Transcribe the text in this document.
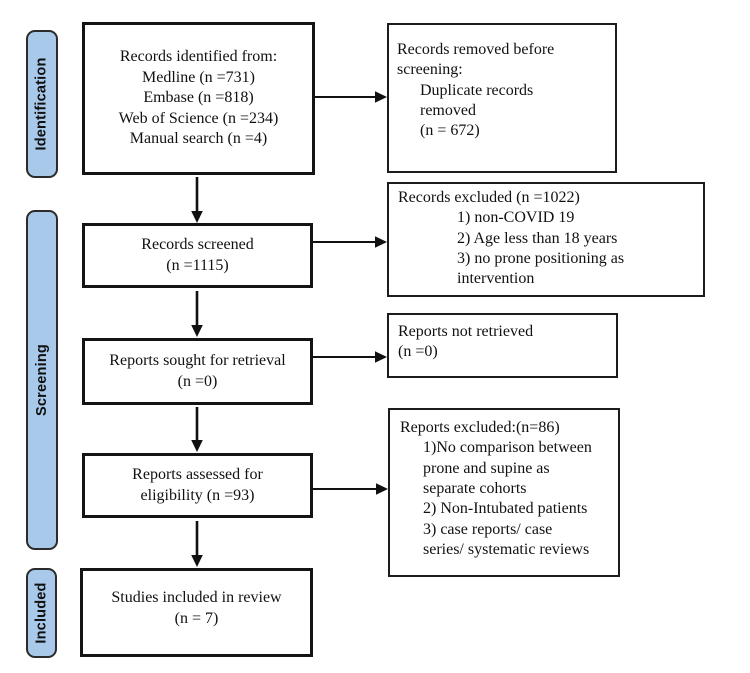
Identification
Screening
Included
Records identified from:
Medline (n =731)
Embase (n =818)
Web of Science (n =234)
Manual search (n =4)
Records screened
(n =1115)
Reports sought for retrieval
(n =0)
Reports assessed for
eligibility (n =93)
Studies included in review
(n = 7)
Records removed before
screening:
Duplicate records
removed
(n = 672)
Records excluded (n =1022)
1) non-COVID 19
2) Age less than 18 years
3) no prone positioning as
intervention
Reports not retrieved
(n =0)
Reports excluded:(n=86)
1)No comparison between
prone and supine as
separate cohorts
2) Non-Intubated patients
3) case reports/ case
series/ systematic reviews
